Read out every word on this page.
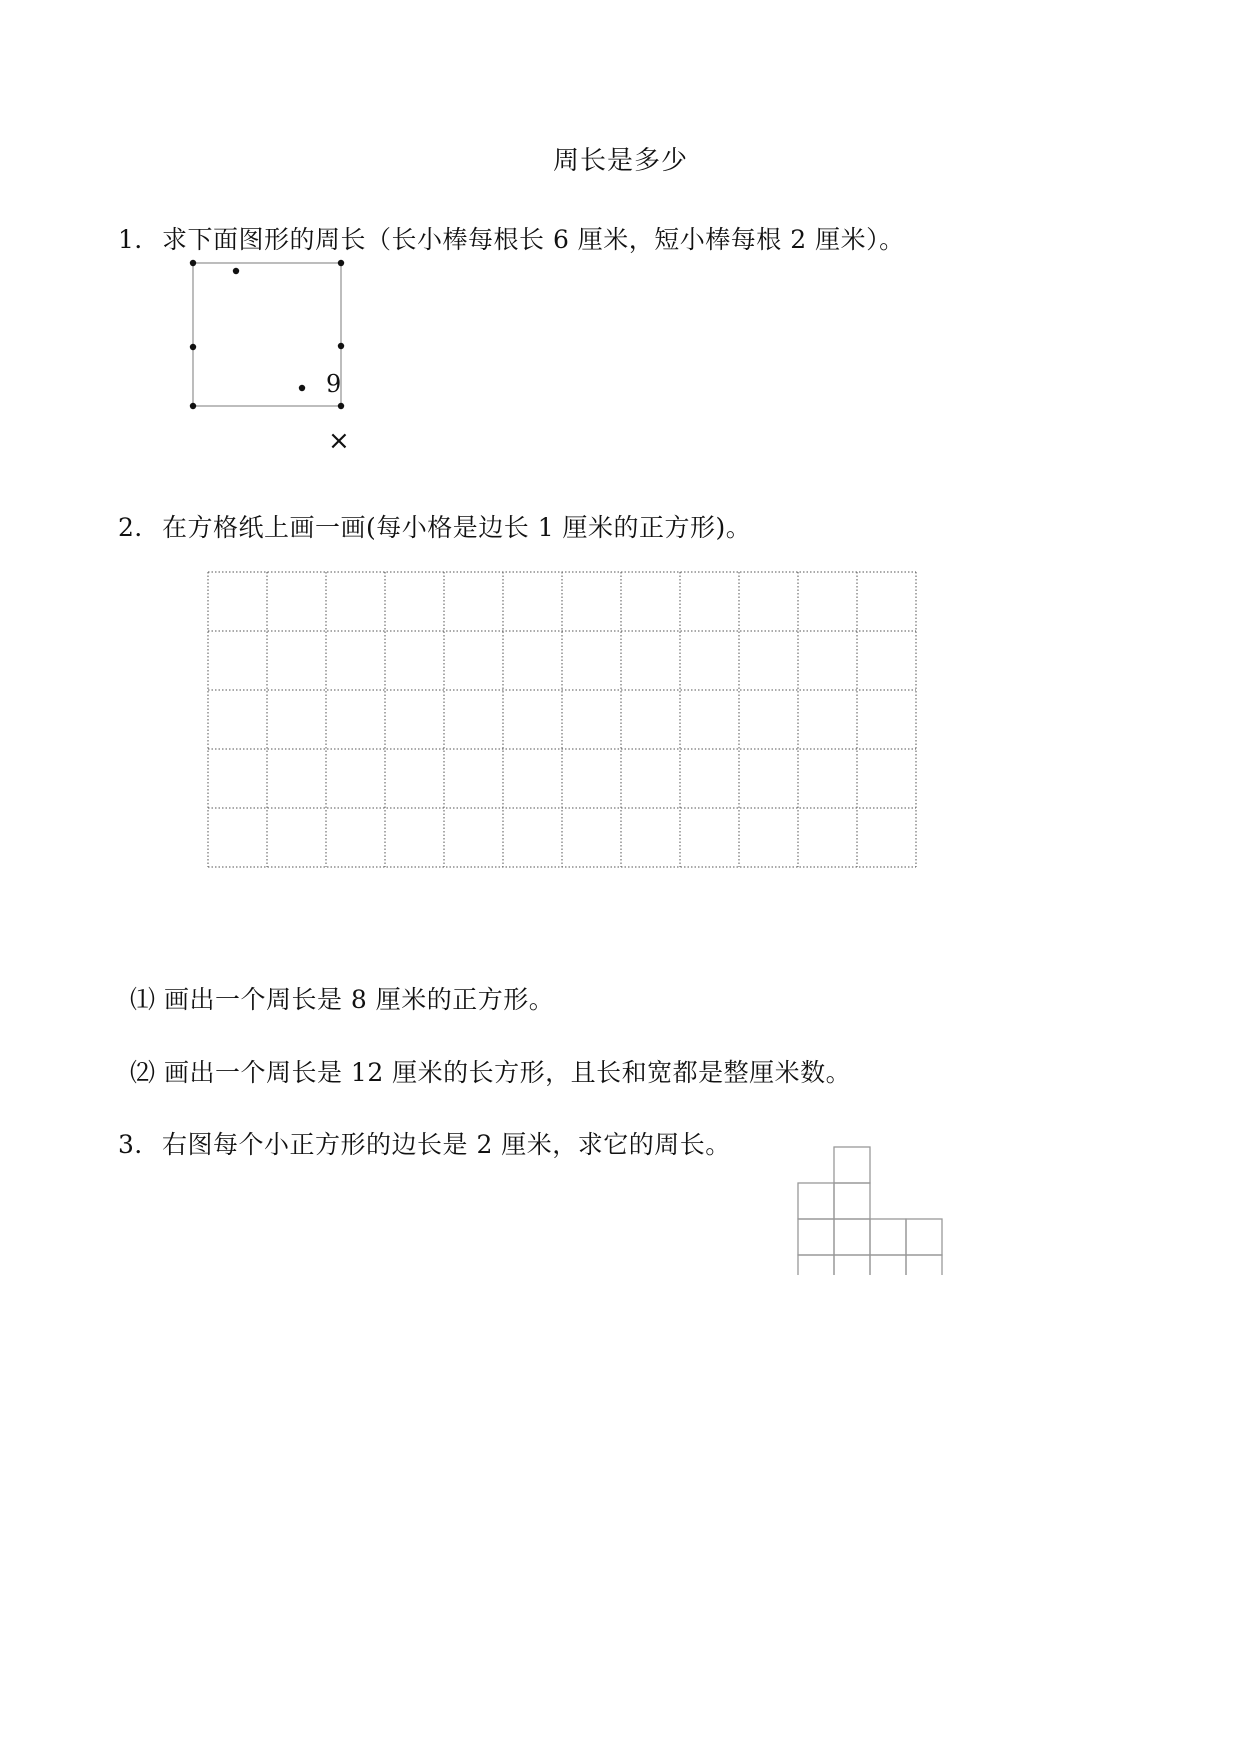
周长是多少
1．求下面图形的周长（长小棒每根长 6 厘米，短小棒每根 2 厘米）。
9
×
2．在方格纸上画一画(每小格是边长 1 厘米的正方形)。
⑴ 画出一个周长是 8 厘米的正方形。
⑵ 画出一个周长是 12 厘米的长方形，且长和宽都是整厘米数。
3．右图每个小正方形的边长是 2 厘米，求它的周长。
